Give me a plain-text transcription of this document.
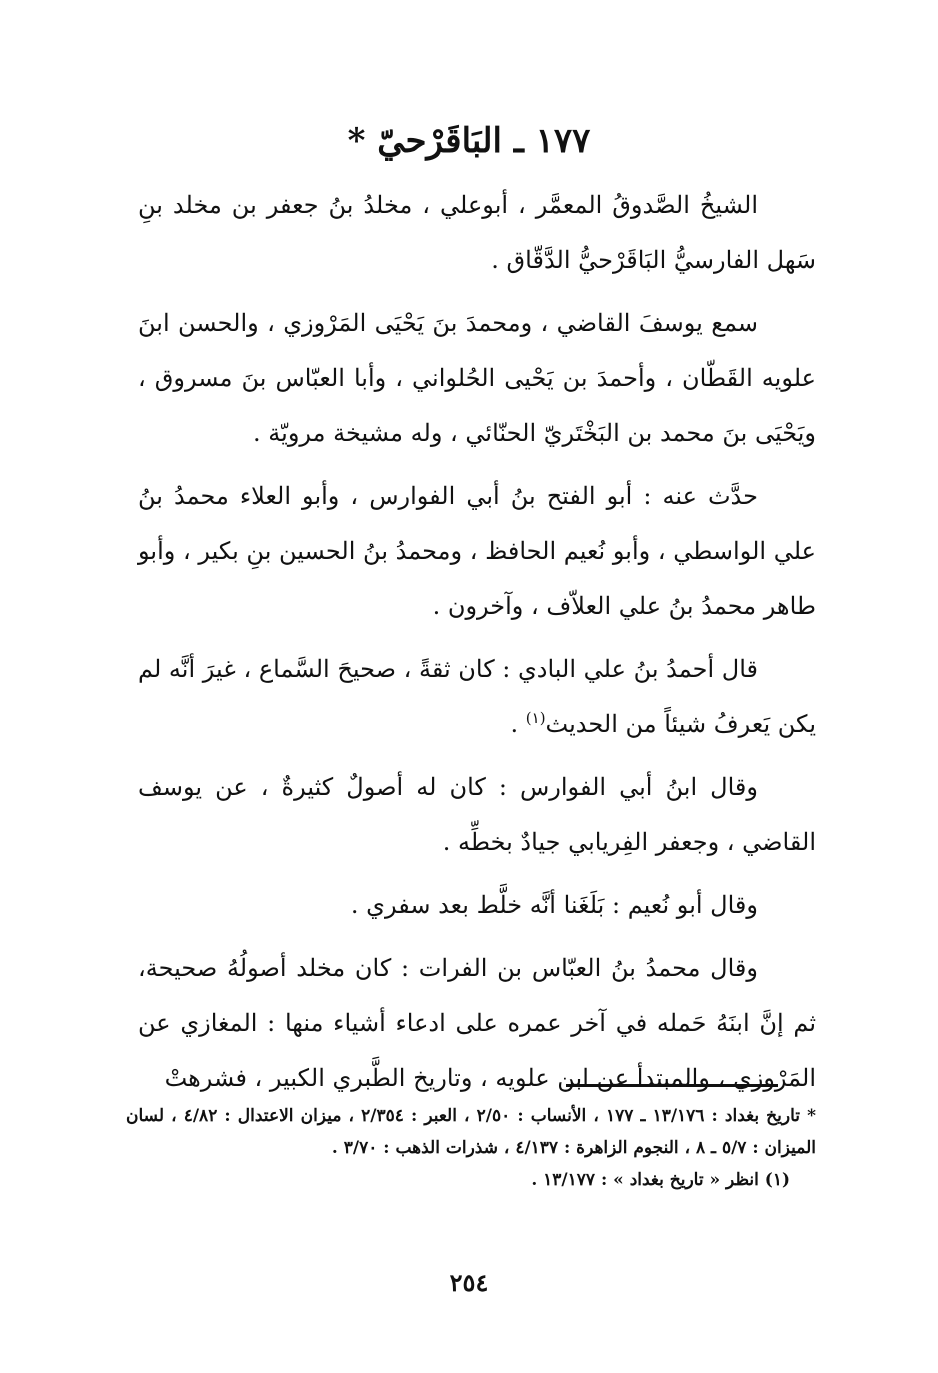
١٧٧ ـ البَاقَرْحيّ *

الشيخُ الصَّدوقُ المعمَّر ، أبوعلي ، مخلدُ بنُ جعفر بن مخلد بنِ سَهل الفارسيُّ البَاقَرْحيُّ الدَّقّاق .

سمع يوسفَ القاضي ، ومحمدَ بنَ يَحْيَى المَرْوزي ، والحسن ابنَ علويه القَطّان ، وأحمدَ بن يَحْيى الحُلواني ، وأبا العبّاس بنَ مسروق ، ويَحْيَى بنَ محمد بن البَخْتَريّ الحنّائي ، وله مشيخة مرويّة .

حدَّث عنه : أبو الفتح بنُ أبي الفوارس ، وأبو العلاء محمدُ بنُ علي الواسطي ، وأبو نُعيم الحافظ ، ومحمدُ بنُ الحسين بنِ بكير ، وأبو طاهر محمدُ بنُ علي العلاّف ، وآخرون .

قال أحمدُ بنُ علي البادي : كان ثقةً ، صحيحَ السَّماع ، غيرَ أنَّه لم يكن يَعرفُ شيئاً من الحديث$^{(١)}$ .

وقال ابنُ أبي الفوارس : كان له أصولٌ كثيرةٌ ، عن يوسف القاضي ، وجعفر الفِريابي جيادٌ بخطِّه .

وقال أبو نُعيم : بَلَغَنا أنَّه خلَّط بعد سفري .

وقال محمدُ بنُ العبّاس بن الفرات : كان مخلد أصولُهُ صحيحة، ثم إنَّ ابنَهُ حَمله في آخر عمره على ادعاء أشياء منها : المغازي عن المَرْوزي ، والمبتدأ عن ابن علويه ، وتاريخ الطَّبري الكبير ، فشرهتْ

* تاريخ بغداد : ١٣/١٧٦ ـ ١٧٧ ، الأنساب : ٢/٥٠ ، العبر : ٢/٣٥٤ ، ميزان الاعتدال : ٤/٨٢ ، لسان الميزان : ٥/٧ ـ ٨ ، النجوم الزاهرة : ٤/١٣٧ ، شذرات الذهب : ٣/٧٠ .

(١) انظر « تاريخ بغداد » : ١٣/١٧٧ .

٢٥٤
